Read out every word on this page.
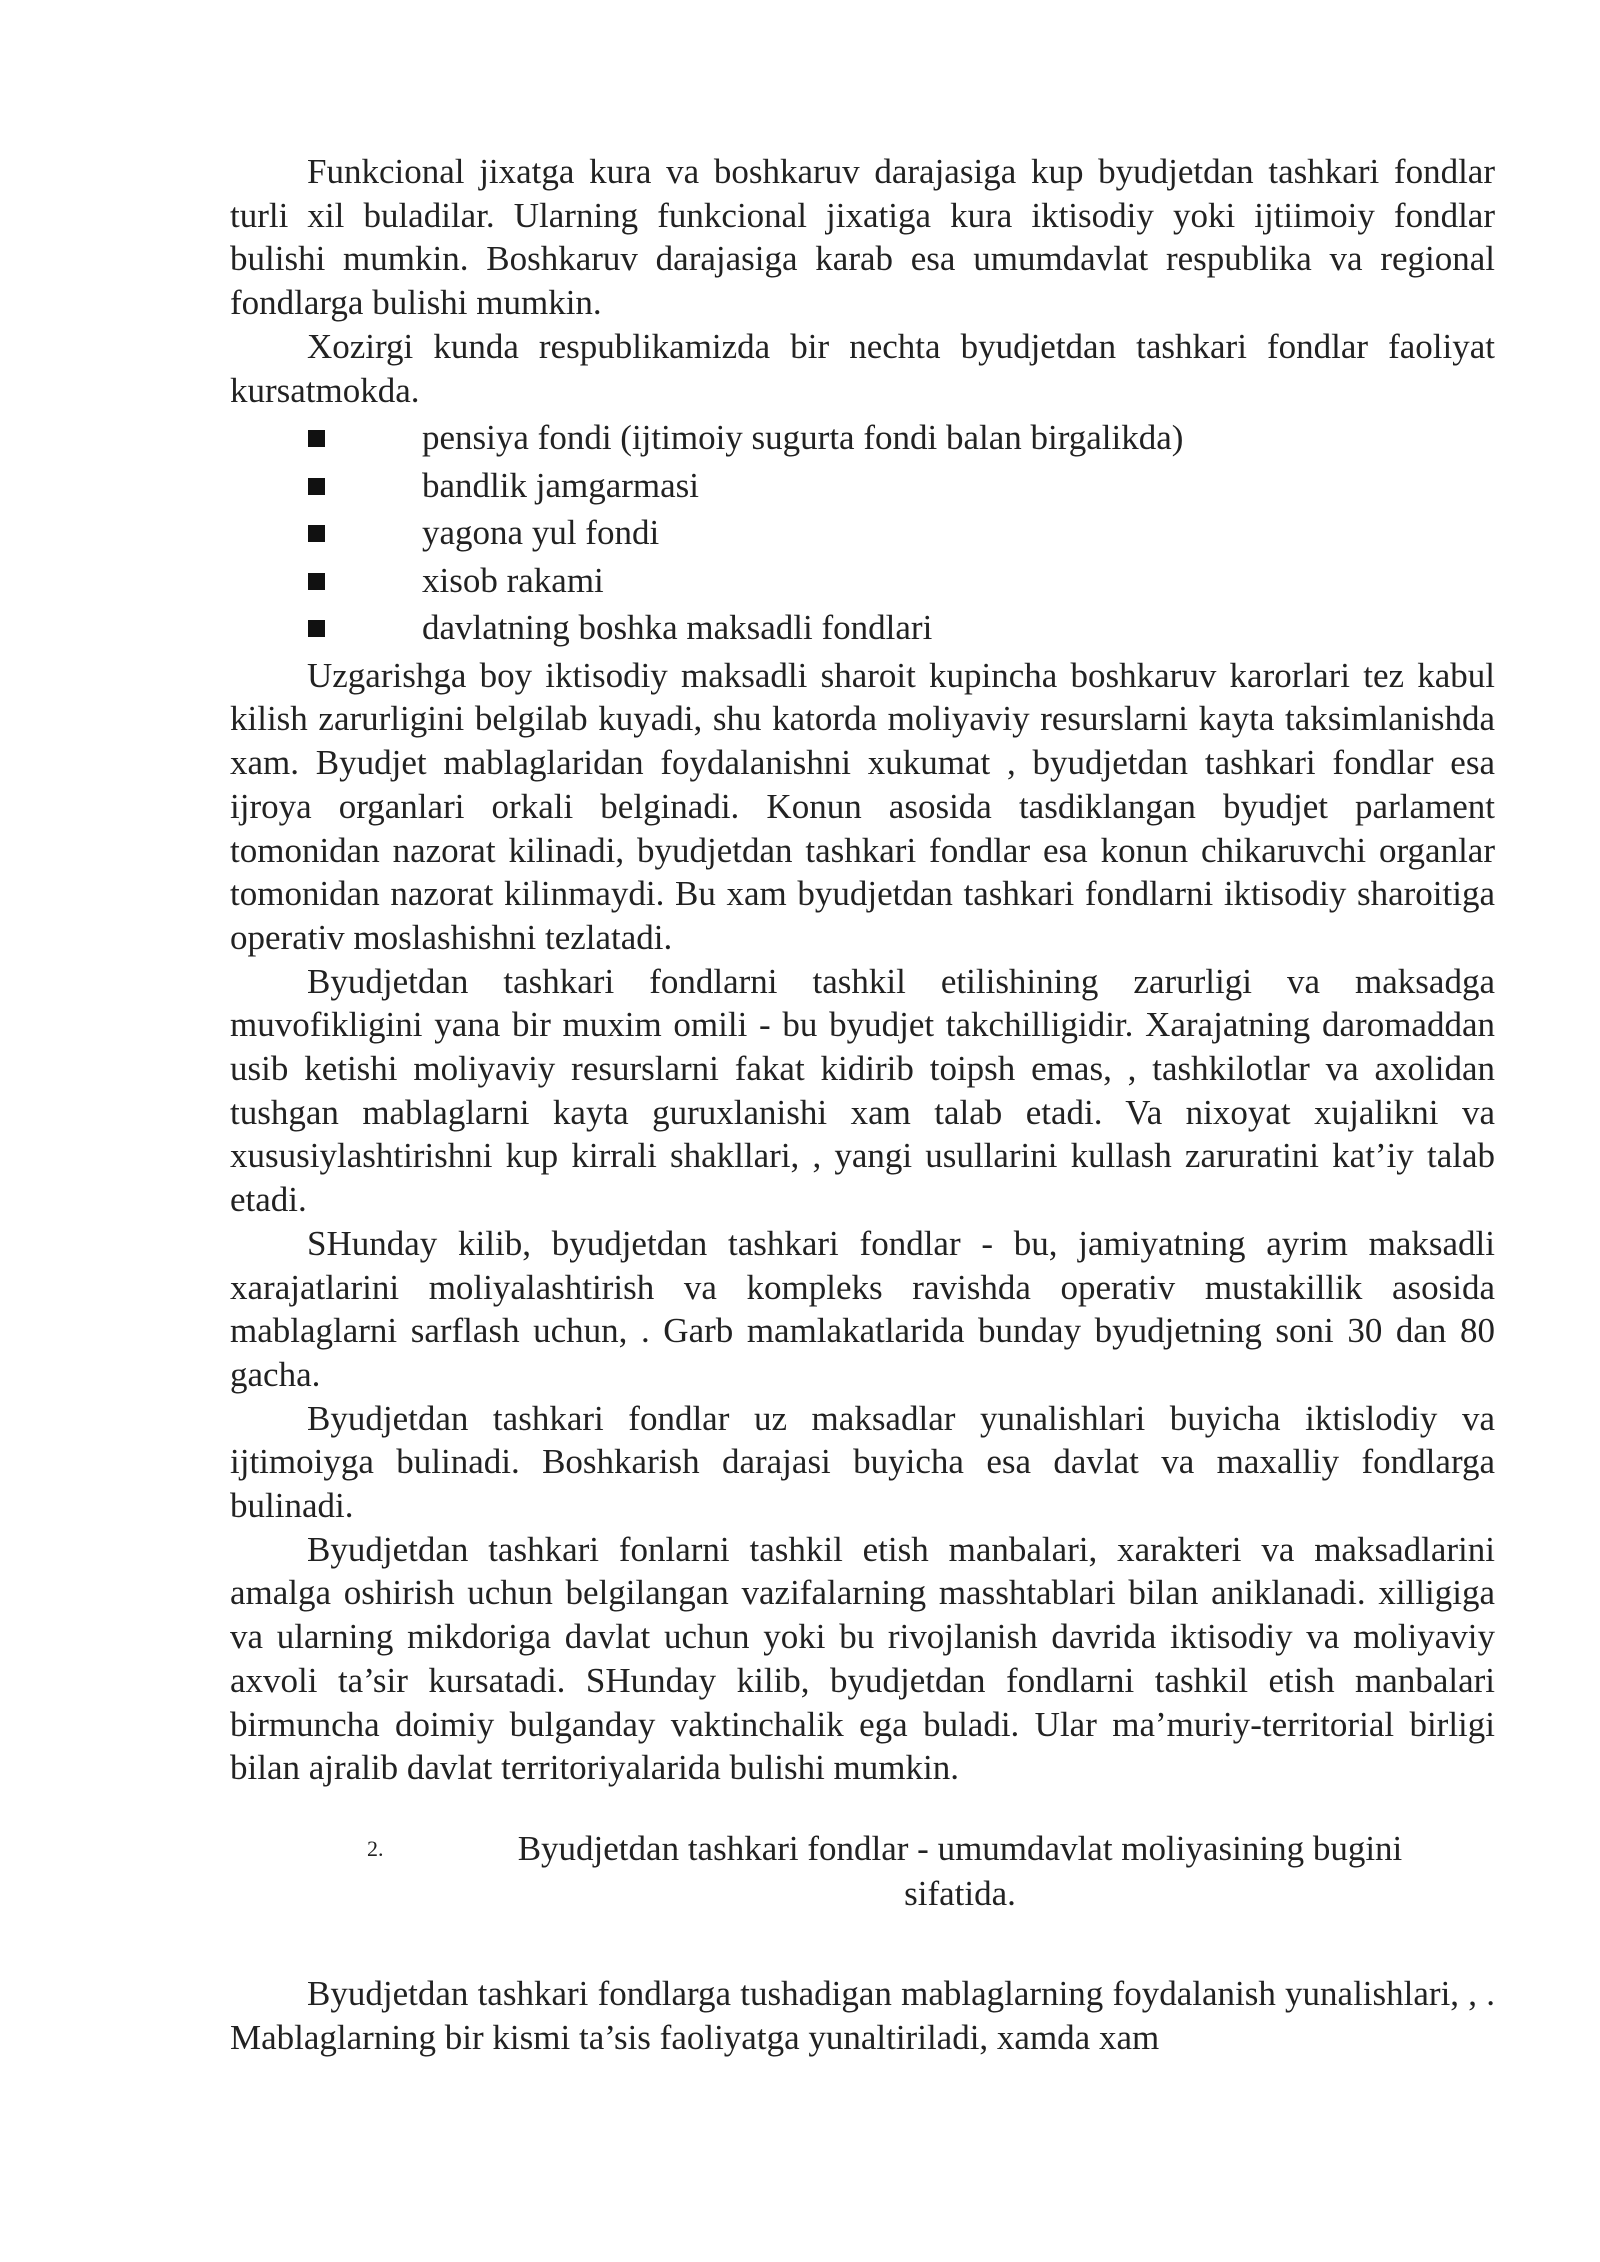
Funkcional jixatga kura va boshkaruv darajasiga kup byudjetdan tashkari fondlar turli xil buladilar. Ularning funkcional jixatiga kura iktisodiy yoki ijtiimoiy fondlar bulishi mumkin. Boshkaruv darajasiga karab esa umumdavlat respublika va regional fondlarga bulishi mumkin.

Xozirgi kunda respublikamizda bir nechta byudjetdan tashkari fondlar faoliyat kursatmokda.

pensiya fondi (ijtimoiy sugurta fondi balan birgalikda)
bandlik jamgarmasi
yagona yul fondi
xisob rakami
davlatning boshka maksadli fondlari

Uzgarishga boy iktisodiy maksadli sharoit kupincha boshkaruv karorlari tez kabul kilish zarurligini belgilab kuyadi, shu katorda moliyaviy resurslarni kayta taksimlanishda xam. Byudjet mablaglaridan foydalanishni xukumat , byudjetdan tashkari fondlar esa ijroya organlari orkali belginadi. Konun asosida tasdiklangan byudjet parlament tomonidan nazorat kilinadi, byudjetdan tashkari fondlar esa konun chikaruvchi organlar tomonidan nazorat kilinmaydi. Bu xam byudjetdan tashkari fondlarni iktisodiy sharoitiga operativ moslashishni tezlatadi.

Byudjetdan tashkari fondlarni tashkil etilishining zarurligi va maksadga muvofikligini yana bir muxim omili - bu byudjet takchilligidir. Xarajatning daromaddan usib ketishi moliyaviy resurslarni fakat kidirib toipsh emas, , tashkilotlar va axolidan tushgan mablaglarni kayta guruxlanishi xam talab etadi. Va nixoyat xujalikni va xususiylashtirishni kup kirrali shakllari, , yangi usullarini kullash zaruratini kat’iy talab etadi.

SHunday kilib, byudjetdan tashkari fondlar - bu, jamiyatning ayrim maksadli xarajatlarini moliyalashtirish va kompleks ravishda operativ mustakillik asosida mablaglarni sarflash uchun, . Garb mamlakatlarida bunday byudjetning soni 30 dan 80 gacha.

Byudjetdan tashkari fondlar uz maksadlar yunalishlari buyicha iktislodiy va ijtimoiyga bulinadi. Boshkarish darajasi buyicha esa davlat va maxalliy fondlarga bulinadi.

Byudjetdan tashkari fonlarni tashkil etish manbalari, xarakteri va maksadlarini amalga oshirish uchun belgilangan vazifalarning masshtablari bilan aniklanadi. xilligiga va ularning mikdoriga davlat uchun yoki bu rivojlanish davrida iktisodiy va moliyaviy axvoli ta’sir kursatadi. SHunday kilib, byudjetdan fondlarni tashkil etish manbalari birmuncha doimiy bulganday vaktinchalik ega buladi. Ular ma’muriy-territorial birligi bilan ajralib davlat territoriyalarida bulishi mumkin.

2.	Byudjetdan tashkari fondlar - umumdavlat moliyasining bugini sifatida.

Byudjetdan tashkari fondlarga tushadigan mablaglarning foydalanish yunalishlari, , . Mablaglarning bir kismi ta’sis faoliyatga yunaltiriladi, xamda xam
